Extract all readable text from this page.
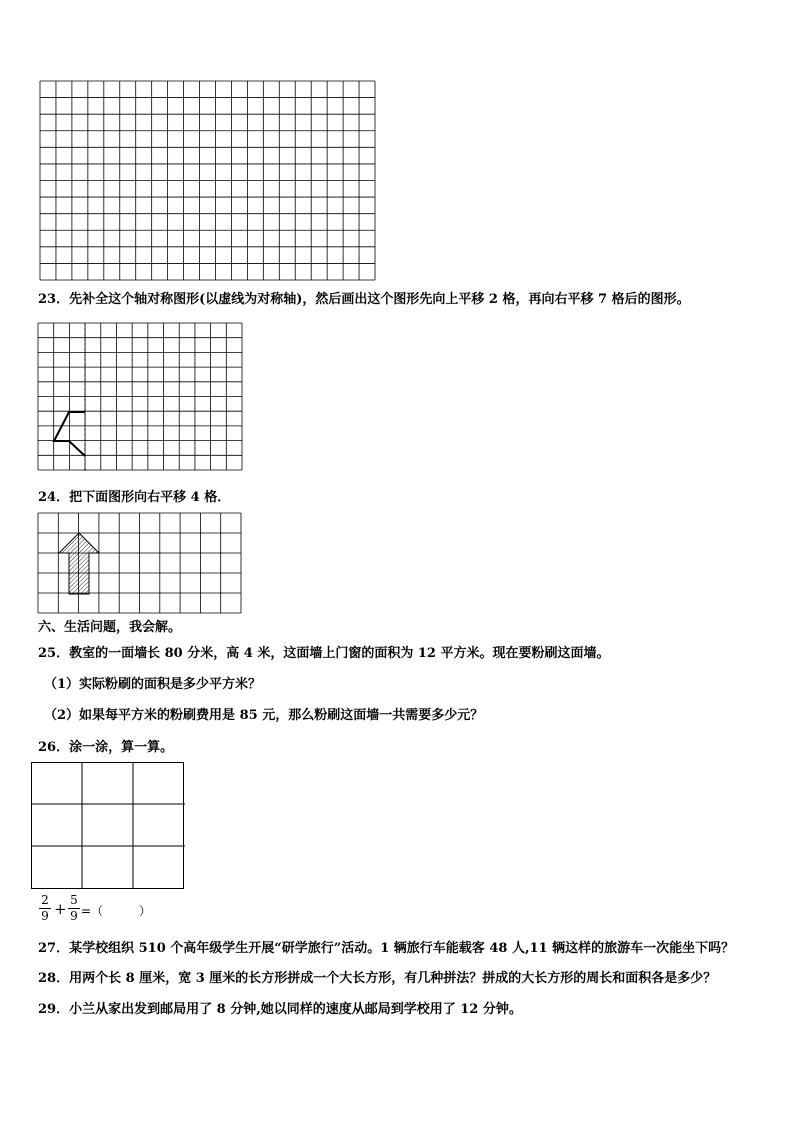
23．先补全这个轴对称图形(以虚线为对称轴)，然后画出这个图形先向上平移 2 格，再向右平移 7 格后的图形。
24．把下面图形向右平移 4 格．
六、生活问题，我会解。
25．教室的一面墙长 80 分米，高 4 米，这面墙上门窗的面积为 12 平方米。现在要粉刷这面墙。
（1）实际粉刷的面积是多少平方米？
（2）如果每平方米的粉刷费用是 85 元，那么粉刷这面墙一共需要多少元？
26．涂一涂，算一算。
2
9 + 5
9 =（　　　）
27．某学校组织 510 个高年级学生开展“研学旅行”活动。1 辆旅行车能载客 48 人,11 辆这样的旅游车一次能坐下吗？
28．用两个长 8 厘米，宽 3 厘米的长方形拼成一个大长方形，有几种拼法？拼成的大长方形的周长和面积各是多少？
29．小兰从家出发到邮局用了 8 分钟,她以同样的速度从邮局到学校用了 12 分钟。
